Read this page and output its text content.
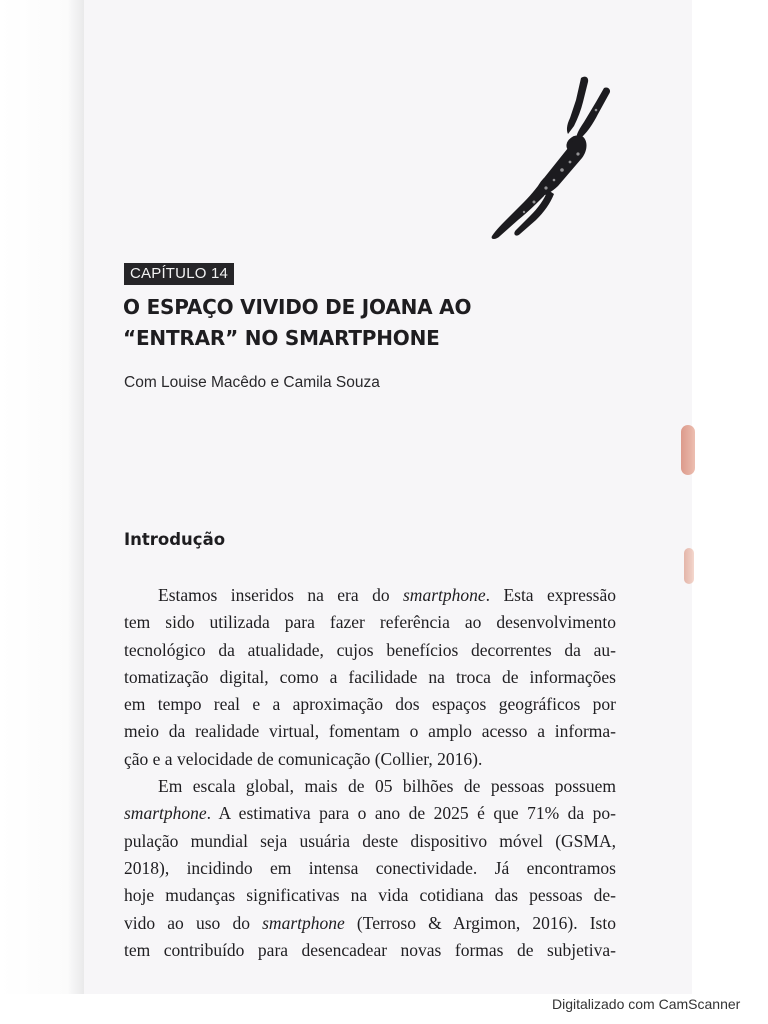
CAPÍTULO 14
O ESPAÇO VIVIDO DE JOANA AO
“ENTRAR” NO SMARTPHONE
Com Louise Macêdo e Camila Souza
Introdução
Estamos inseridos na era do smartphone. Esta expressão
tem sido utilizada para fazer referência ao desenvolvimento
tecnológico da atualidade, cujos benefícios decorrentes da au-
tomatização digital, como a facilidade na troca de informações
em tempo real e a aproximação dos espaços geográficos por
meio da realidade virtual, fomentam o amplo acesso a informa-
ção e a velocidade de comunicação (Collier, 2016).
Em escala global, mais de 05 bilhões de pessoas possuem
smartphone. A estimativa para o ano de 2025 é que 71% da po-
pulação mundial seja usuária deste dispositivo móvel (GSMA,
2018), incidindo em intensa conectividade. Já encontramos
hoje mudanças significativas na vida cotidiana das pessoas de-
vido ao uso do smartphone (Terroso & Argimon, 2016). Isto
tem contribuído para desencadear novas formas de subjetiva-
Digitalizado com CamScanner
